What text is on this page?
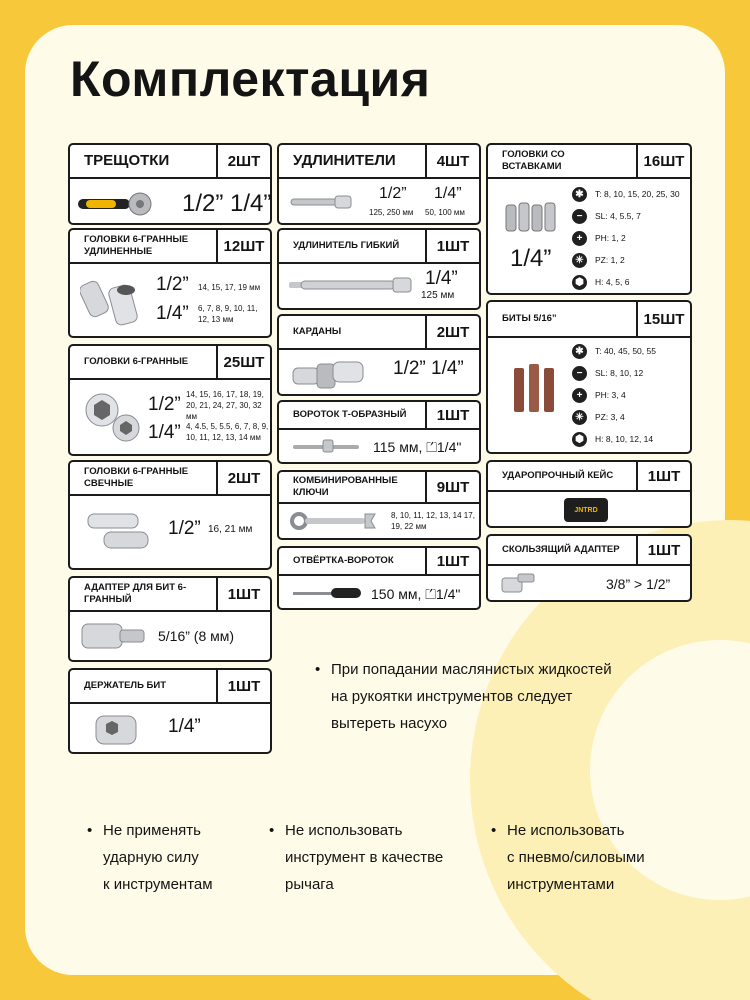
Комплектация
ТРЕЩОТКИ	2ШТ
1/2” 1/4”
ГОЛОВКИ 6-ГРАННЫЕ УДЛИНЕННЫЕ	12ШТ
1/2” 14, 15, 17, 19 мм
1/4” 6, 7, 8, 9, 10, 11, 12, 13 мм
ГОЛОВКИ 6-ГРАННЫЕ	25ШТ
1/2” 14, 15, 16, 17, 18, 19, 20, 21, 24, 27, 30, 32 мм
1/4” 4, 4.5, 5, 5.5, 6, 7, 8, 9, 10, 11, 12, 13, 14 мм
ГОЛОВКИ 6-ГРАННЫЕ СВЕЧНЫЕ	2ШТ
1/2” 16, 21 мм
АДАПТЕР ДЛЯ БИТ 6-ГРАННЫЙ	1ШТ
5/16” (8 мм)
ДЕРЖАТЕЛЬ БИТ	1ШТ
1/4”
УДЛИНИТЕЛИ	4ШТ
1/2” 1/4”
125, 250 мм 50, 100 мм
УДЛИНИТЕЛЬ ГИБКИЙ	1ШТ
1/4”
125 мм
КАРДАНЫ	2ШТ
1/2” 1/4”
ВОРОТОК Т-ОБРАЗНЫЙ	1ШТ
115 мм, ⏍1/4"
КОМБИНИРОВАННЫЕ КЛЮЧИ	9ШТ
8, 10, 11, 12, 13, 14 17, 19, 22 мм
ОТВЁРТКА-ВОРОТОК	1ШТ
150 мм, ⏍1/4"
ГОЛОВКИ СО ВСТАВКАМИ	16ШТ
1/4”
✱	T: 8, 10, 15, 20, 25, 30
−	SL: 4, 5.5, 7
+	PH: 1, 2
✳	PZ: 1, 2
⬢	H: 4, 5, 6
БИТЫ 5/16”	15ШТ
✱	T: 40, 45, 50, 55
−	SL: 8, 10, 12
+	PH: 3, 4
✳	PZ: 3, 4
⬢	H: 8, 10, 12, 14
УДАРОПРОЧНЫЙ КЕЙС	1ШТ
JNTRD
СКОЛЬЗЯЩИЙ АДАПТЕР	1ШТ
3/8” > 1/2”
• При попадании маслянистых жидкостей
на рукоятки инструментов следует
вытереть насухо
• Не применять
ударную силу
к инструментам
• Не использовать
инструмент в качестве
рычага
• Не использовать
с пневмо/силовыми
инструментами
